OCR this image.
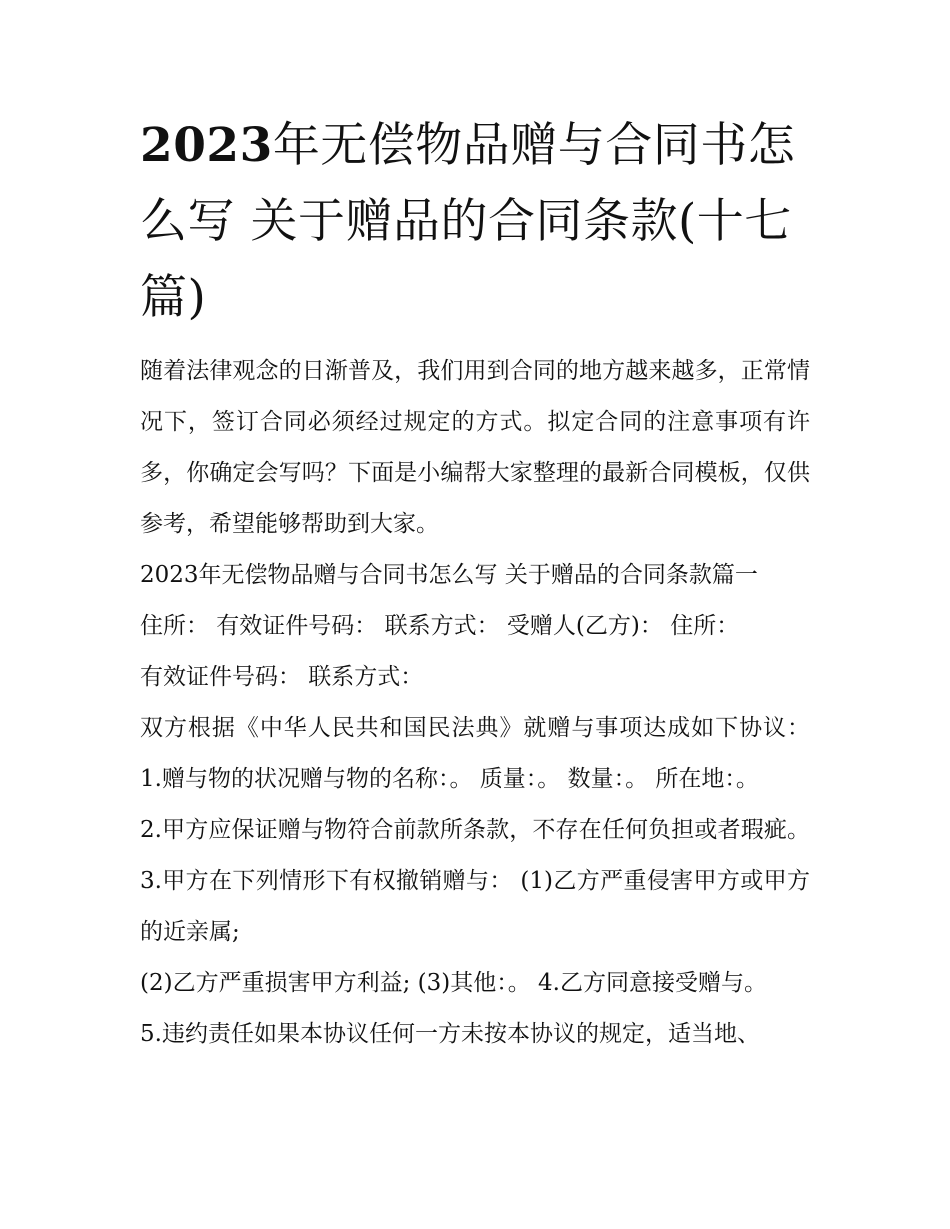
2023年无偿物品赠与合同书怎么写 关于赠品的合同条款(十七篇)

随着法律观念的日渐普及，我们用到合同的地方越来越多，正常情况下，签订合同必须经过规定的方式。拟定合同的注意事项有许多，你确定会写吗？下面是小编帮大家整理的最新合同模板，仅供参考，希望能够帮助到大家。

2023年无偿物品赠与合同书怎么写 关于赠品的合同条款篇一

住所： 有效证件号码： 联系方式： 受赠人(乙方)： 住所：

有效证件号码： 联系方式：

双方根据《中华人民共和国民法典》就赠与事项达成如下协议： 1.赠与物的状况赠与物的名称：。 质量：。 数量：。 所在地：。

2.甲方应保证赠与物符合前款所条款，不存在任何负担或者瑕疵。 3.甲方在下列情形下有权撤销赠与： (1)乙方严重侵害甲方或甲方的近亲属;

(2)乙方严重损害甲方利益; (3)其他：。 4.乙方同意接受赠与。

5.违约责任如果本协议任何一方未按本协议的规定，适当地、
